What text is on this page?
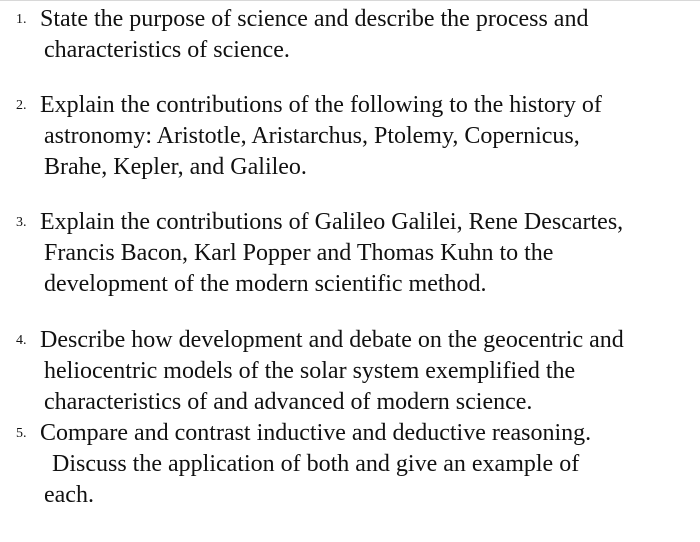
1. State the purpose of science and describe the process and
characteristics of science.
2. Explain the contributions of the following to the history of
astronomy: Aristotle, Aristarchus, Ptolemy, Copernicus,
Brahe, Kepler, and Galileo.
3. Explain the contributions of Galileo Galilei, Rene Descartes,
Francis Bacon, Karl Popper and Thomas Kuhn to the
development of the modern scientific method.
4. Describe how development and debate on the geocentric and
heliocentric models of the solar system exemplified the
characteristics of and advanced of modern science.
5. Compare and contrast inductive and deductive reasoning.
Discuss the application of both and give an example of
each.
